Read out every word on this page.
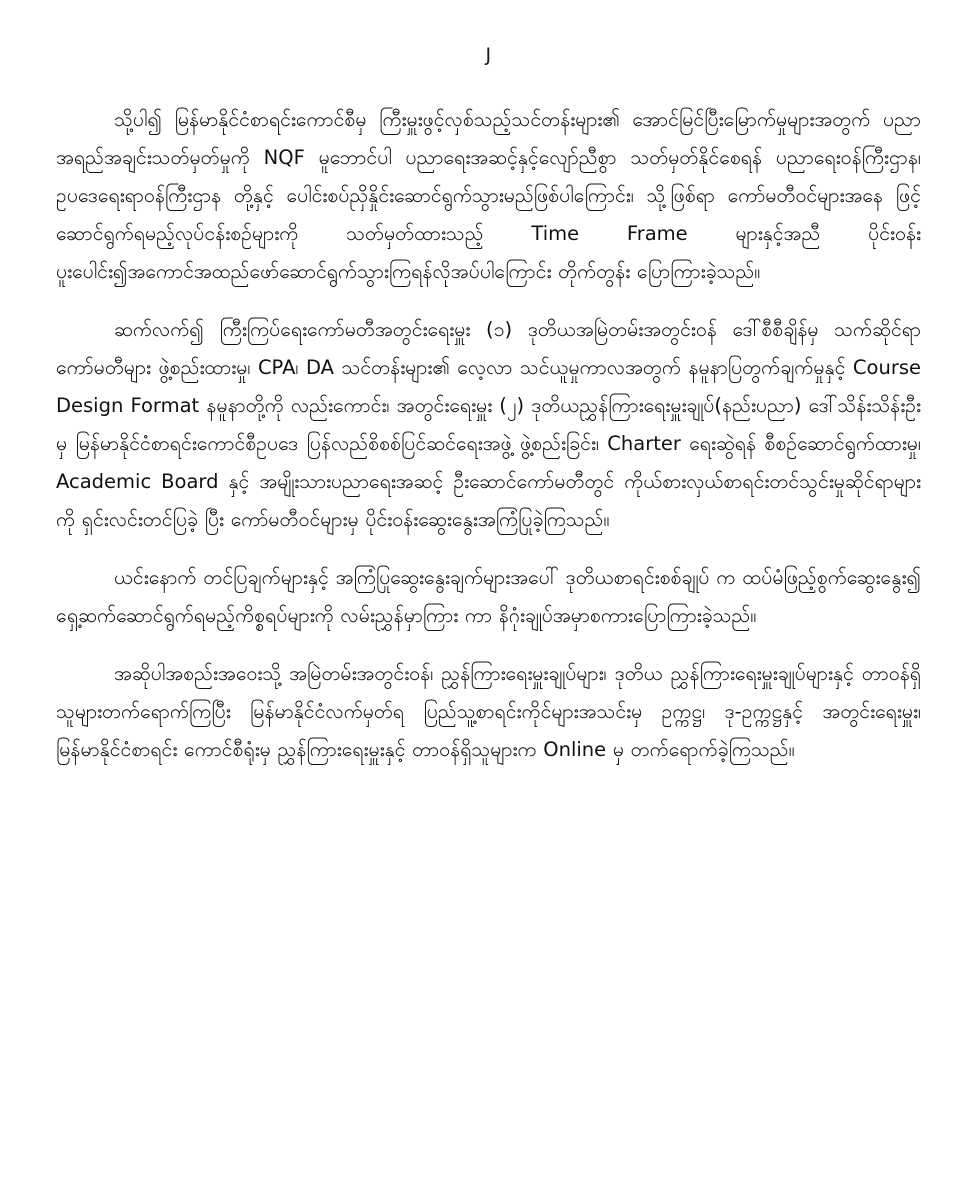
J

သို့ပါ၍ မြန်မာနိုင်ငံစာရင်းကောင်စီမှ ကြီးမှူးဖွင့်လှစ်သည့်သင်တန်းများ၏ အောင်မြင်ပြီးမြောက်မှုများအတွက် ပညာအရည်အချင်းသတ်မှတ်မှုကို NQF မူဘောင်ပါ ပညာရေးအဆင့်နှင့်လျော်ညီစွာ သတ်မှတ်နိုင်စေရန် ပညာရေးဝန်ကြီးဌာန၊ ဥပဒေရေးရာဝန်ကြီးဌာန တို့နှင့် ပေါင်းစပ်ညှိနှိုင်းဆောင်ရွက်သွားမည်ဖြစ်ပါကြောင်း၊ သို့ဖြစ်ရာ ကော်မတီဝင်များအနေ ဖြင့် ဆောင်ရွက်ရမည့်လုပ်ငန်းစဉ်များကို သတ်မှတ်ထားသည့် Time Frame များနှင့်အညီ ပိုင်းဝန်းပူးပေါင်း၍အကောင်အထည်ဖော်ဆောင်ရွက်သွားကြရန်လိုအပ်ပါကြောင်း တိုက်တွန်း ပြောကြားခဲ့သည်။

ဆက်လက်၍ ကြီးကြပ်ရေးကော်မတီအတွင်းရေးမှူး (၁) ဒုတိယအမြဲတမ်းအတွင်းဝန် ဒေါ်စီစီချိန်မှ သက်ဆိုင်ရာကော်မတီများ ဖွဲ့စည်းထားမှု၊ CPA၊ DA သင်တန်းများ၏ လေ့လာ သင်ယူမှုကာလအတွက် နမူနာပြတွက်ချက်မှုနှင့် Course Design Format နမူနာတို့ကို လည်းကောင်း၊ အတွင်းရေးမှူး (၂) ဒုတိယညွှန်ကြားရေးမှူးချုပ်(နည်းပညာ) ဒေါ်သိန်းသိန်းဦး မှ မြန်မာနိုင်ငံစာရင်းကောင်စီဥပဒေ ပြန်လည်စိစစ်ပြင်ဆင်ရေးအဖွဲ့ ဖွဲ့စည်းခြင်း၊ Charter ရေးဆွဲရန် စီစဉ်ဆောင်ရွက်ထားမှု၊ Academic Board နှင့် အမျိုးသားပညာရေးအဆင့် ဦးဆောင်ကော်မတီတွင် ကိုယ်စားလှယ်စာရင်းတင်သွင်းမှုဆိုင်ရာများကို ရှင်းလင်းတင်ပြခဲ့ ပြီး ကော်မတီဝင်များမှ ပိုင်းဝန်းဆွေးနွေးအကြံပြုခဲ့ကြသည်။

ယင်းနောက် တင်ပြချက်များနှင့် အကြံပြုဆွေးနွေးချက်များအပေါ် ဒုတိယစာရင်းစစ်ချုပ် က ထပ်မံဖြည့်စွက်ဆွေးနွေး၍ ရှေ့ဆက်ဆောင်ရွက်ရမည့်ကိစ္စရပ်များကို လမ်းညွှန်မှာကြား ကာ နိဂုံးချုပ်အမှာစကားပြောကြားခဲ့သည်။

အဆိုပါအစည်းအဝေးသို့ အမြဲတမ်းအတွင်းဝန်၊ ညွှန်ကြားရေးမှူးချုပ်များ၊ ဒုတိယ ညွှန်ကြားရေးမှူးချုပ်များနှင့် တာဝန်ရှိသူများတက်ရောက်ကြပြီး မြန်မာနိုင်ငံလက်မှတ်ရ ပြည်သူ့စာရင်းကိုင်များအသင်းမှ ဥက္ကဋ္ဌ၊ ဒု-ဥက္ကဋ္ဌနှင့် အတွင်းရေးမှူး၊ မြန်မာနိုင်ငံစာရင်း ကောင်စီရုံးမှ ညွှန်ကြားရေးမှူးနှင့် တာဝန်ရှိသူများက Online မှ တက်ရောက်ခဲ့ကြသည်။
